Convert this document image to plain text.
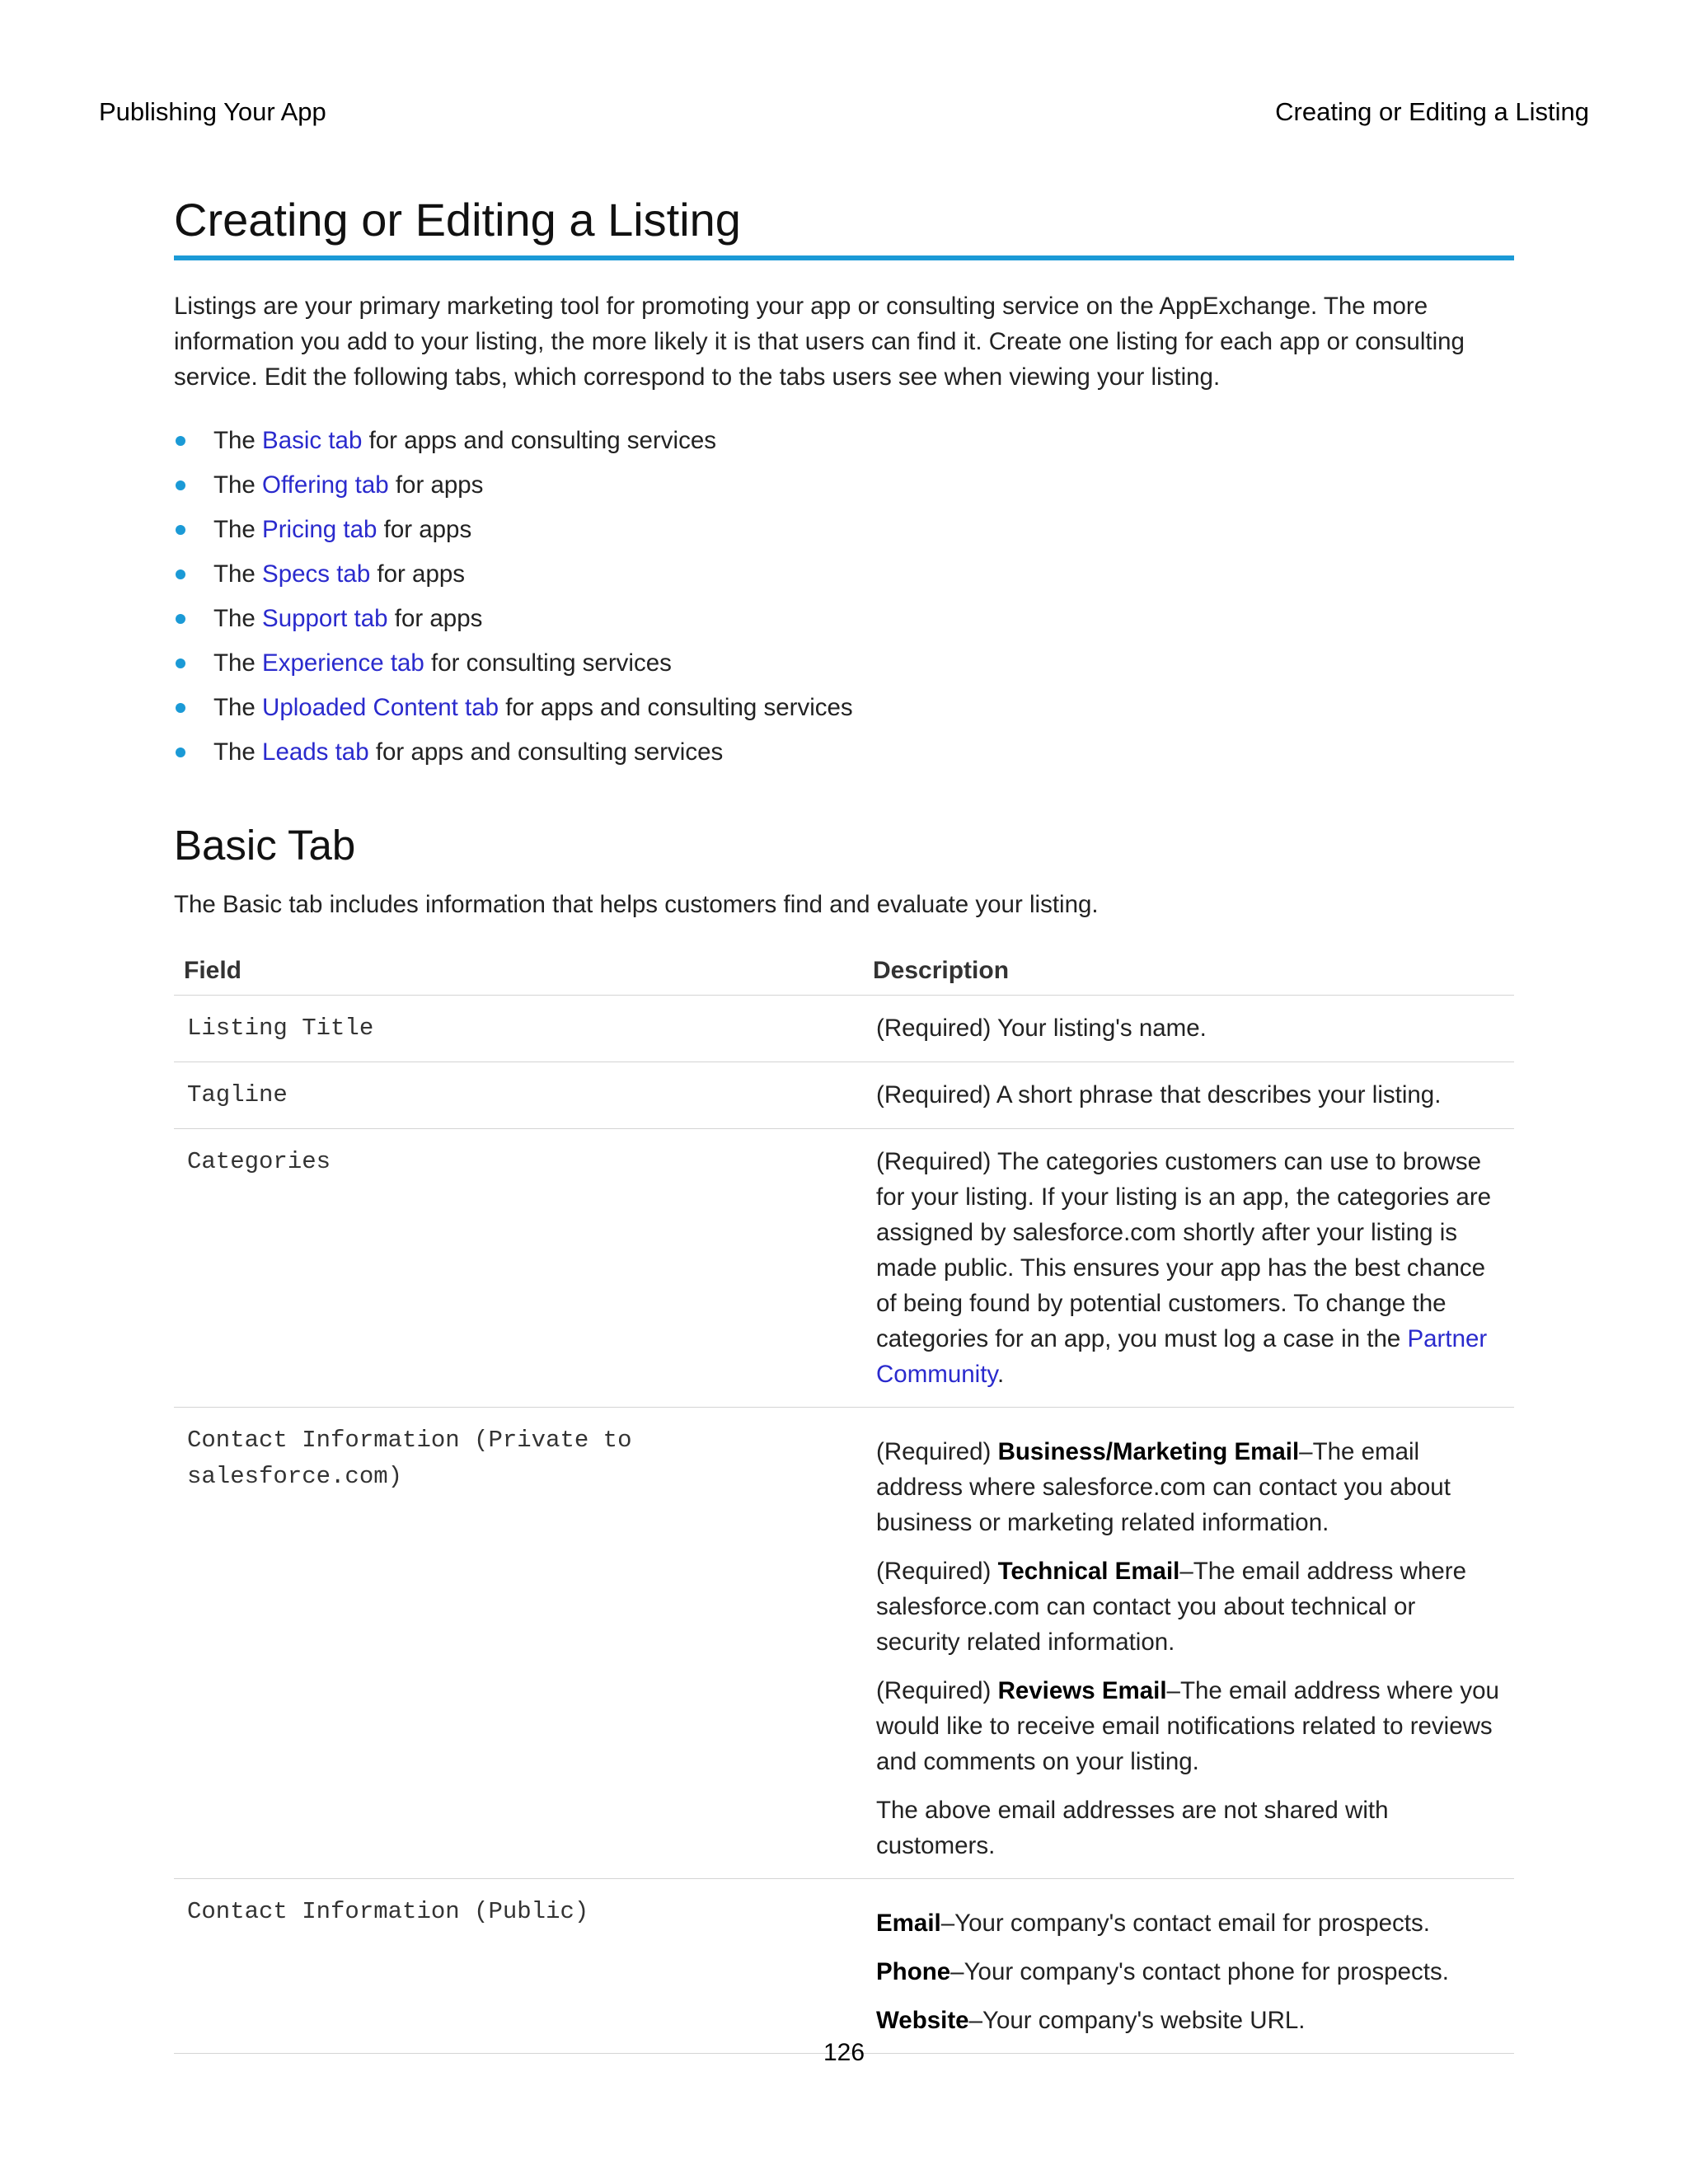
Publishing Your App	Creating or Editing a Listing
Creating or Editing a Listing

Listings are your primary marketing tool for promoting your app or consulting service on the AppExchange. The more information you add to your listing, the more likely it is that users can find it. Create one listing for each app or consulting service. Edit the following tabs, which correspond to the tabs users see when viewing your listing.

The Basic tab for apps and consulting services
The Offering tab for apps
The Pricing tab for apps
The Specs tab for apps
The Support tab for apps
The Experience tab for consulting services
The Uploaded Content tab for apps and consulting services
The Leads tab for apps and consulting services
Basic Tab

The Basic tab includes information that helps customers find and evaluate your listing.

Field	Description
Listing Title	(Required) Your listing's name.
Tagline	(Required) A short phrase that describes your listing.
Categories	(Required) The categories customers can use to browse for your listing. If your listing is an app, the categories are assigned by salesforce.com shortly after your listing is made public. This ensures your app has the best chance of being found by potential customers. To change the categories for an app, you must log a case in the Partner Community.
Contact Information (Private to salesforce.com)	(Required) Business/Marketing Email–The email address where salesforce.com can contact you about business or marketing related information.

(Required) Technical Email–The email address where salesforce.com can contact you about technical or security related information.

(Required) Reviews Email–The email address where you would like to receive email notifications related to reviews and comments on your listing.

The above email addresses are not shared with customers.

Contact Information (Public)	Email–Your company's contact email for prospects.

Phone–Your company's contact phone for prospects.

Website–Your company's website URL.

126
